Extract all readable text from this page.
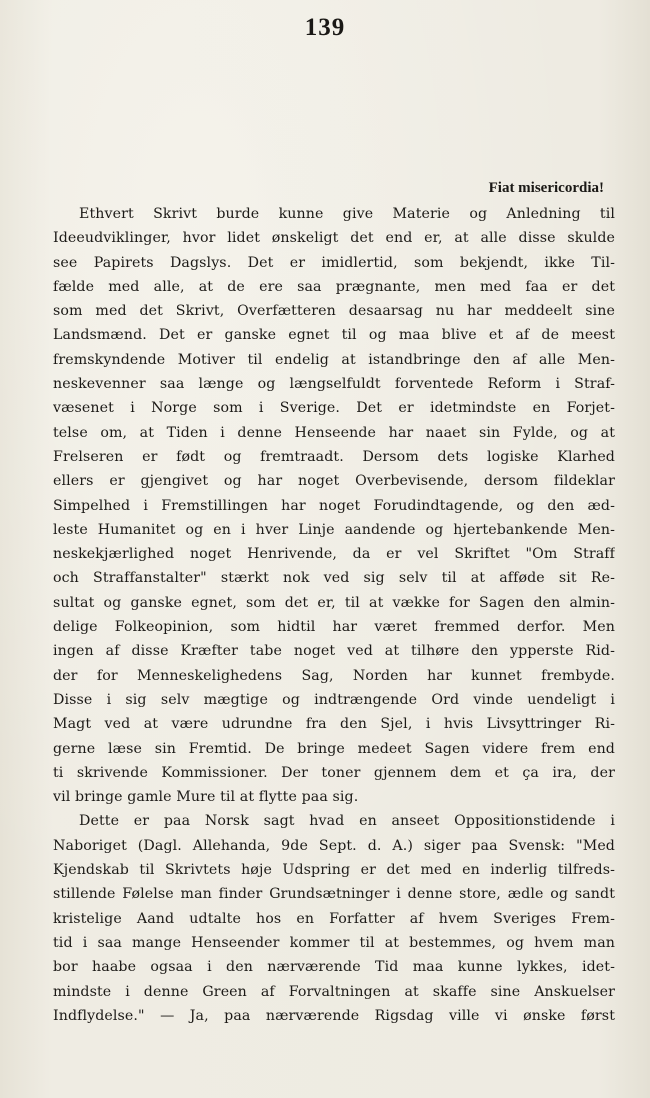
139
Fiat misericordia!
Ethvert Skrivt burde kunne give Materie og Anledning til
Ideeudviklinger, hvor lidet ønskeligt det end er, at alle disse skulde
see Papirets Dagslys. Det er imidlertid, som bekjendt, ikke Til-
fælde med alle, at de ere saa prægnante, men med faa er det
som med det Skrivt, Overfætteren desaarsag nu har meddeelt sine
Landsmænd. Det er ganske egnet til og maa blive et af de meest
fremskyndende Motiver til endelig at istandbringe den af alle Men-
neskevenner saa længe og længselfuldt forventede Reform i Straf-
væsenet i Norge som i Sverige. Det er idetmindste en Forjet-
telse om, at Tiden i denne Henseende har naaet sin Fylde, og at
Frelseren er født og fremtraadt. Dersom dets logiske Klarhed
ellers er gjengivet og har noget Overbevisende, dersom fildeklar
Simpelhed i Fremstillingen har noget Forudindtagende, og den æd-
leste Humanitet og en i hver Linje aandende og hjertebankende Men-
neskekjærlighed noget Henrivende, da er vel Skriftet "Om Straff
och Straffanstalter" stærkt nok ved sig selv til at afføde sit Re-
sultat og ganske egnet, som det er, til at vække for Sagen den almin-
delige Folkeopinion, som hidtil har været fremmed derfor. Men
ingen af disse Kræfter tabe noget ved at tilhøre den ypperste Rid-
der for Menneskelighedens Sag, Norden har kunnet frembyde.
Disse i sig selv mægtige og indtrængende Ord vinde uendeligt i
Magt ved at være udrundne fra den Sjel, i hvis Livsyttringer Ri-
gerne læse sin Fremtid. De bringe medeet Sagen videre frem end
ti skrivende Kommissioner. Der toner gjennem dem et ça ira, der
vil bringe gamle Mure til at flytte paa sig.
Dette er paa Norsk sagt hvad en anseet Oppositionstidende i
Naboriget (Dagl. Allehanda, 9de Sept. d. A.) siger paa Svensk: "Med
Kjendskab til Skrivtets høje Udspring er det med en inderlig tilfreds-
stillende Følelse man finder Grundsætninger i denne store, ædle og sandt
kristelige Aand udtalte hos en Forfatter af hvem Sveriges Frem-
tid i saa mange Henseender kommer til at bestemmes, og hvem man
bor haabe ogsaa i den nærværende Tid maa kunne lykkes, idet-
mindste i denne Green af Forvaltningen at skaffe sine Anskuelser
Indflydelse." — Ja, paa nærværende Rigsdag ville vi ønske først
